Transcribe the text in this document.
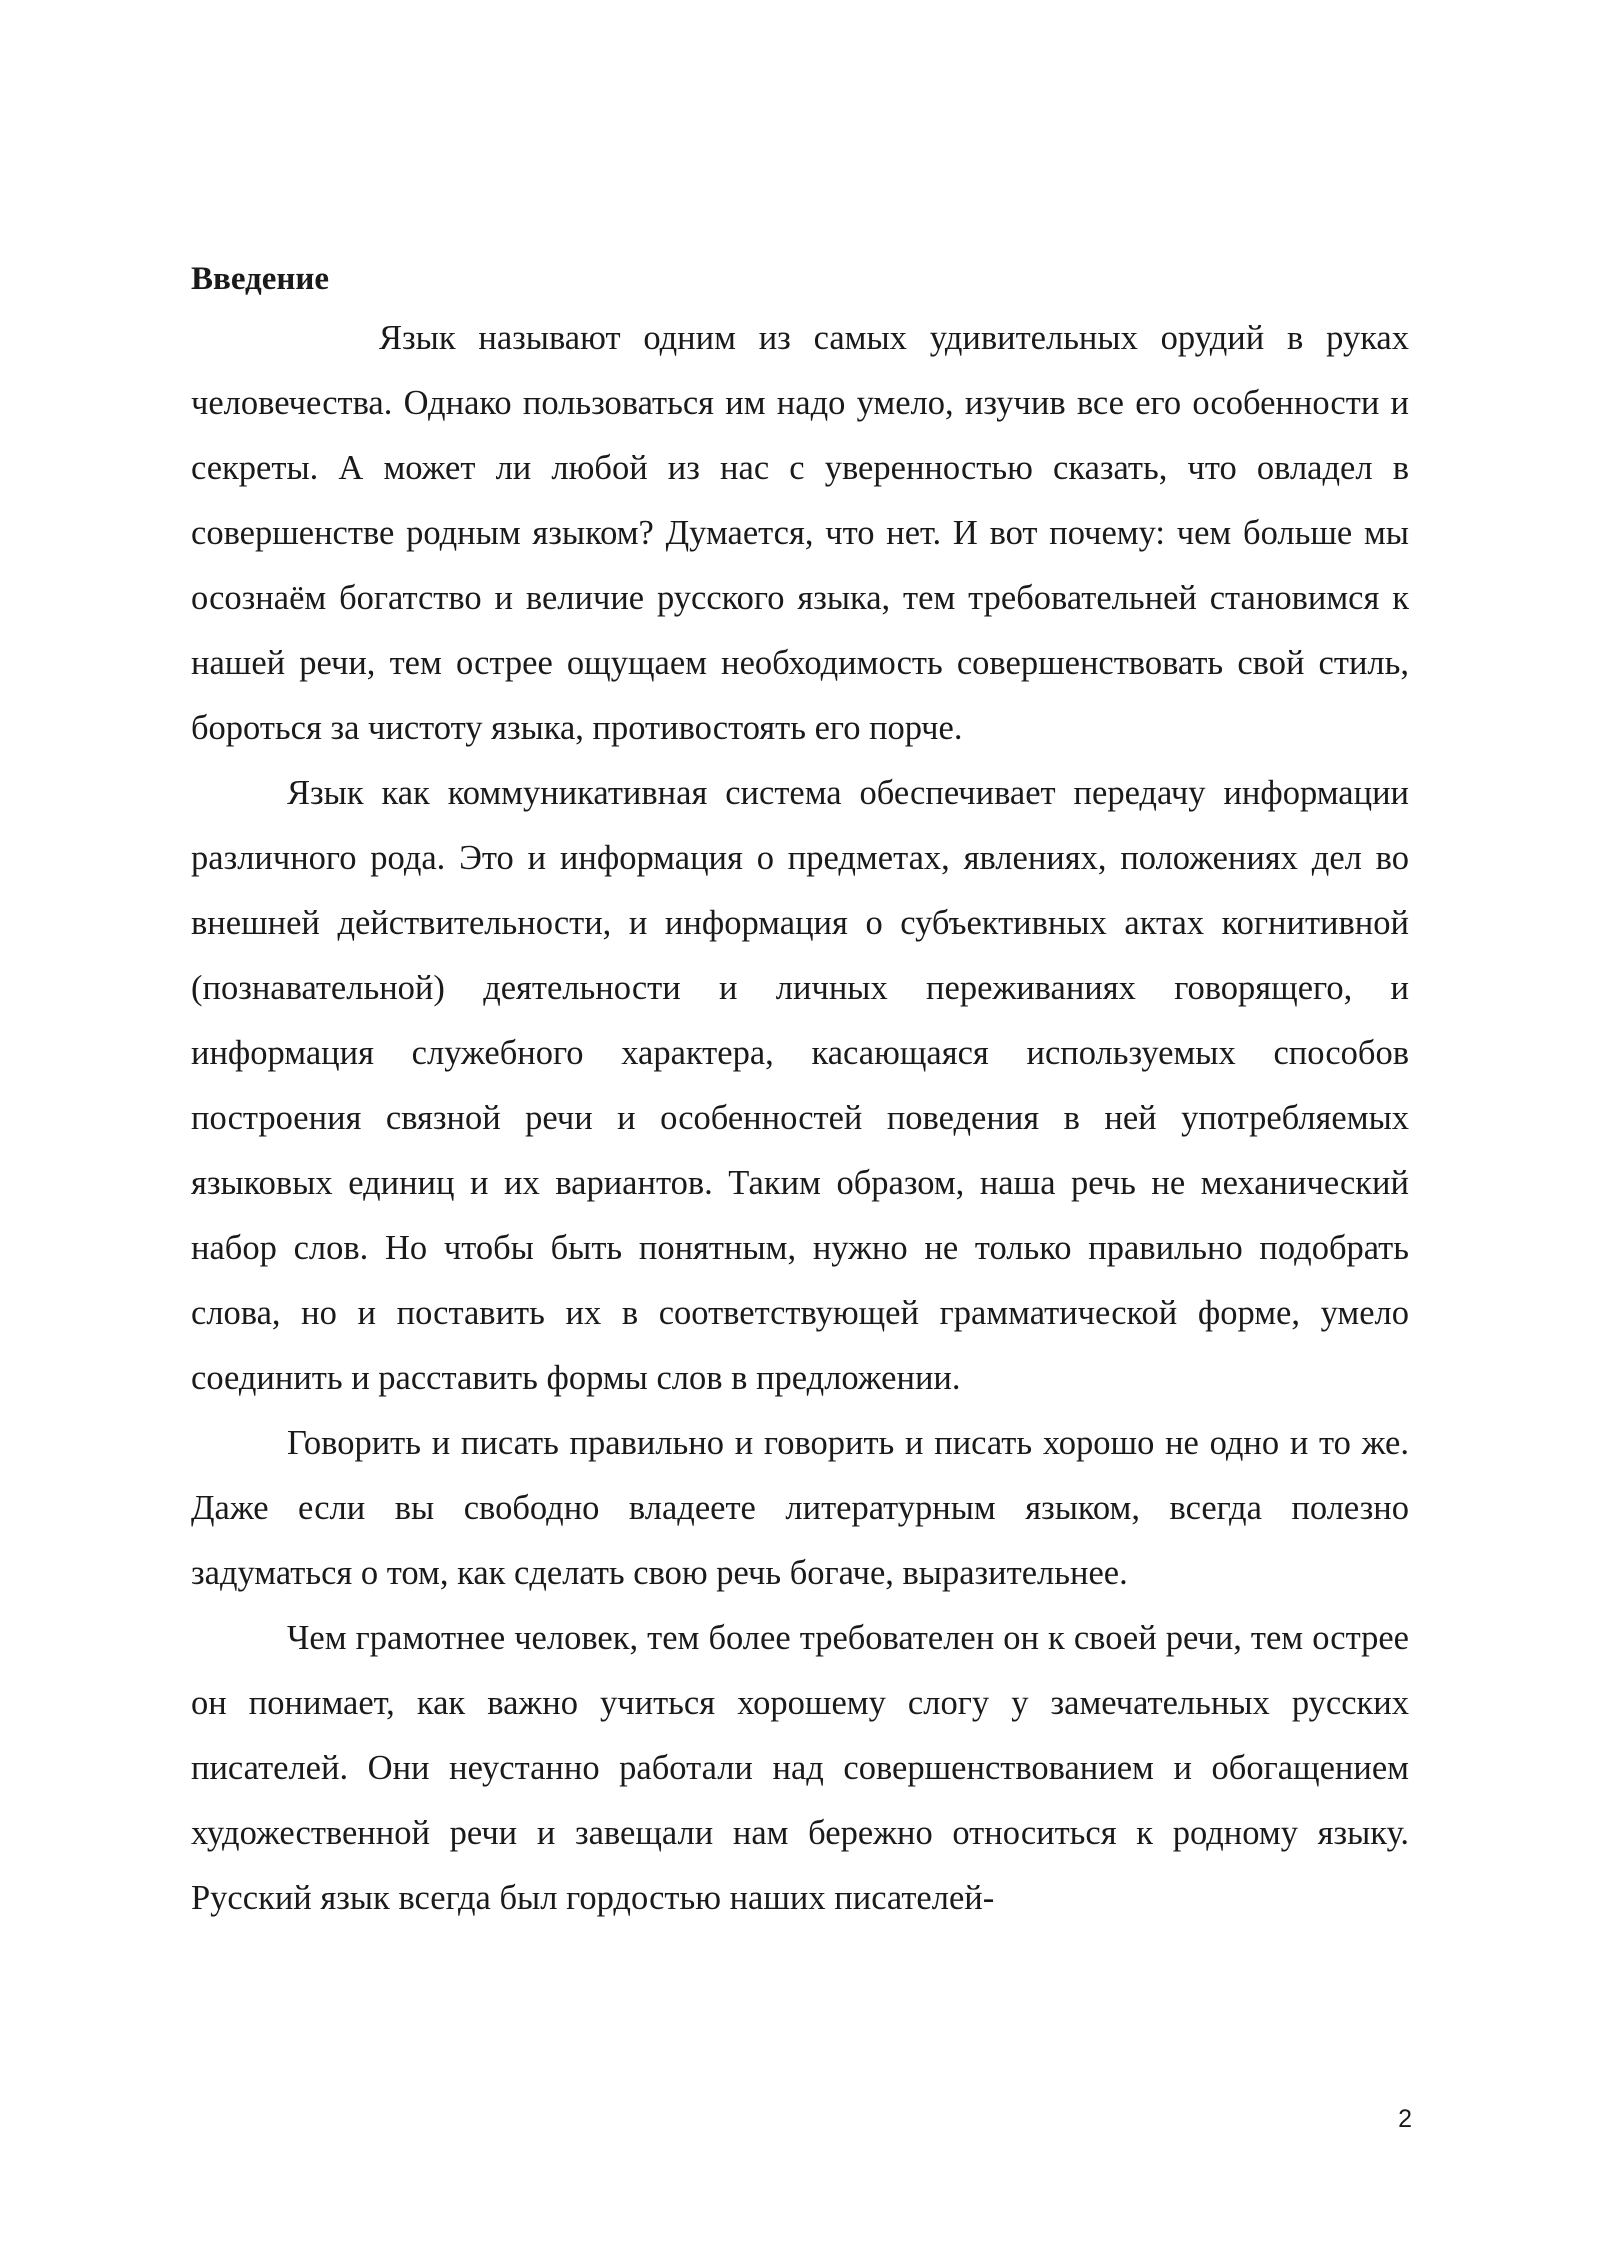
Введение

Язык называют одним из самых удивительных орудий в руках человечества. Однако пользоваться им надо умело, изучив все его особенности и секреты. А может ли любой из нас с уверенностью сказать, что овладел в совершенстве родным языком? Думается, что нет. И вот почему: чем больше мы осознаём богатство и величие русского языка, тем требовательней становимся к нашей речи, тем острее ощущаем необходимость совершенствовать свой стиль, бороться за чистоту языка, противостоять его порче.

Язык как коммуникативная система обеспечивает передачу информации различного рода. Это и информация о предметах, явлениях, положениях дел во внешней действительности, и информация о субъективных актах когнитивной (познавательной) деятельности и личных переживаниях говорящего, и информация служебного характера, касающаяся используемых способов построения связной речи и особенностей поведения в ней употребляемых языковых единиц и их вариантов. Таким образом, наша речь не механический набор слов. Но чтобы быть понятным, нужно не только правильно подобрать слова, но и поставить их в соответствующей грамматической форме, умело соединить и расставить формы слов в предложении.

Говорить и писать правильно и говорить и писать хорошо не одно и то же. Даже если вы свободно владеете литературным языком, всегда полезно задуматься о том, как сделать свою речь богаче, выразительнее.

Чем грамотнее человек, тем более требователен он к своей речи, тем острее он понимает, как важно учиться хорошему слогу у замечательных русских писателей. Они неустанно работали над совершенствованием и обогащением художественной речи и завещали нам бережно относиться к родному языку. Русский язык всегда был гордостью наших писателей-

2
